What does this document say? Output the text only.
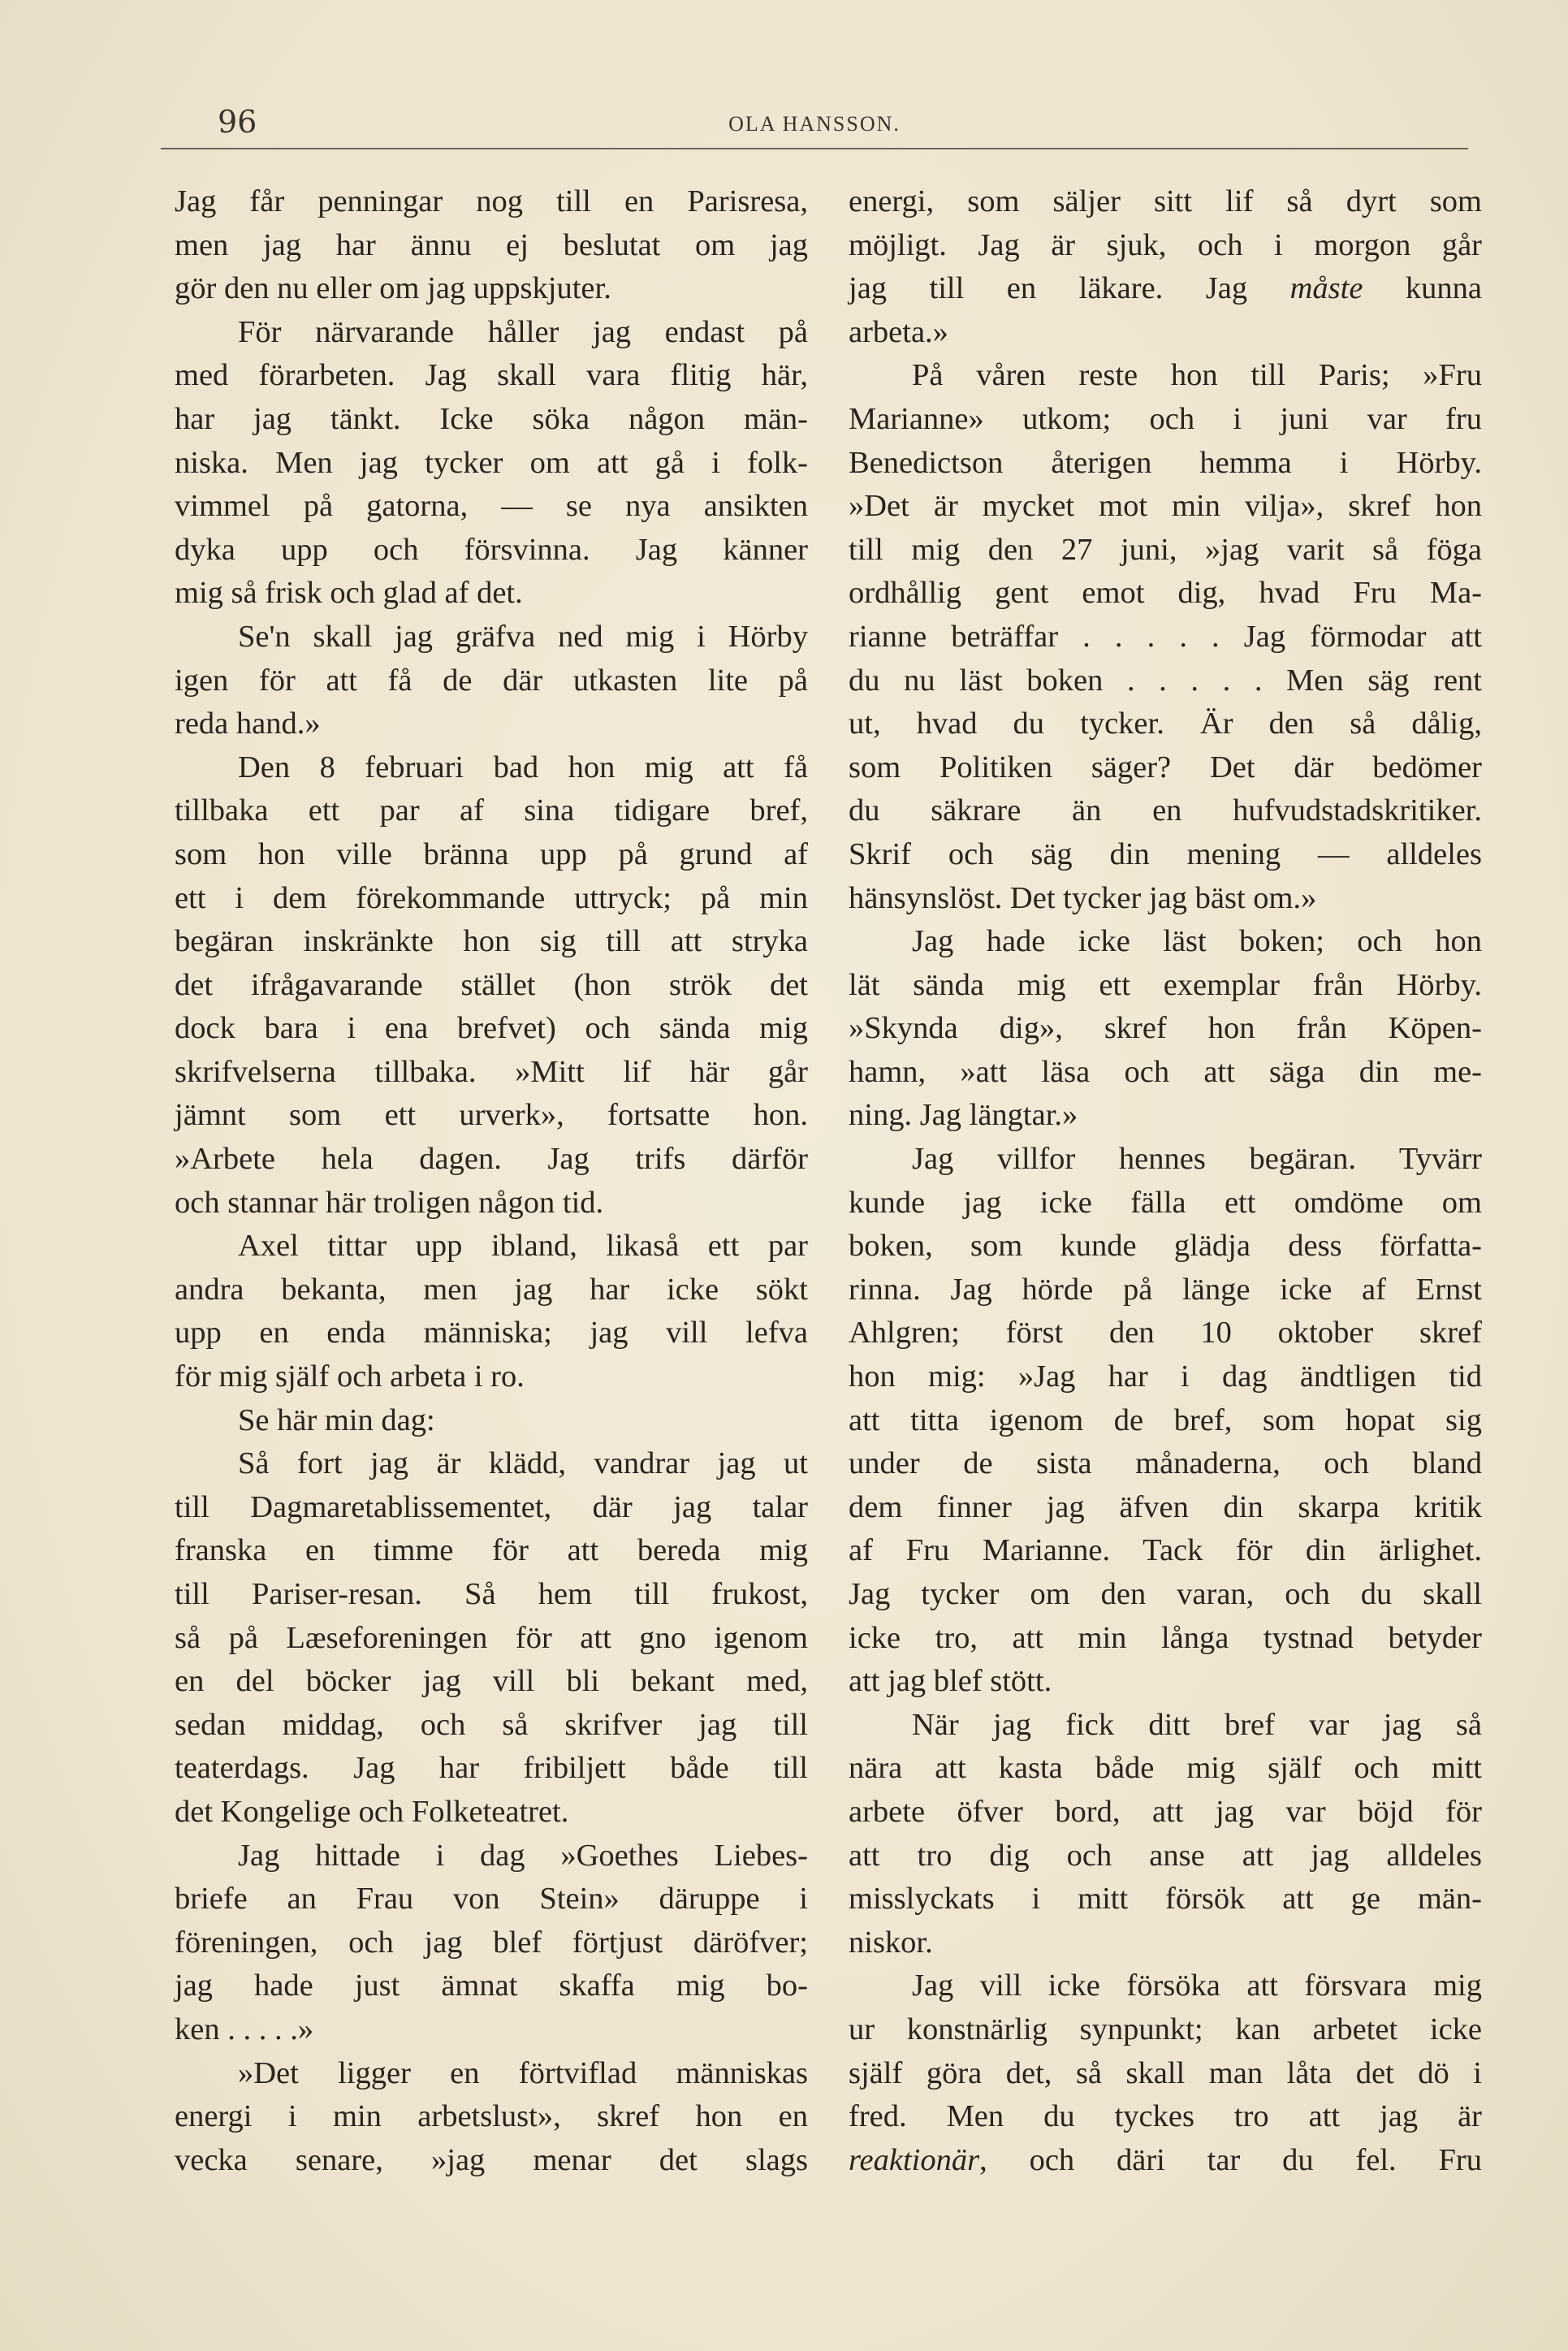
96	OLA HANSSON.
Jag får penningar nog till en Parisresa,
men jag har ännu ej beslutat om jag
gör den nu eller om jag uppskjuter.
För närvarande håller jag endast på
med förarbeten. Jag skall vara flitig här,
har jag tänkt. Icke söka någon män-
niska. Men jag tycker om att gå i folk-
vimmel på gatorna, — se nya ansikten
dyka upp och försvinna. Jag känner
mig så frisk och glad af det.
Se'n skall jag gräfva ned mig i Hörby
igen för att få de där utkasten lite på
reda hand.»
Den 8 februari bad hon mig att få
tillbaka ett par af sina tidigare bref,
som hon ville bränna upp på grund af
ett i dem förekommande uttryck; på min
begäran inskränkte hon sig till att stryka
det ifrågavarande stället (hon strök det
dock bara i ena brefvet) och sända mig
skrifvelserna tillbaka. »Mitt lif här går
jämnt som ett urverk», fortsatte hon.
»Arbete hela dagen. Jag trifs därför
och stannar här troligen någon tid.
Axel tittar upp ibland, likaså ett par
andra bekanta, men jag har icke sökt
upp en enda människa; jag vill lefva
för mig själf och arbeta i ro.
Se här min dag:
Så fort jag är klädd, vandrar jag ut
till Dagmaretablissementet, där jag talar
franska en timme för att bereda mig
till Pariser-resan. Så hem till frukost,
så på Læseforeningen för att gno igenom
en del böcker jag vill bli bekant med,
sedan middag, och så skrifver jag till
teaterdags. Jag har fribiljett både till
det Kongelige och Folketeatret.
Jag hittade i dag »Goethes Liebes-
briefe an Frau von Stein» däruppe i
föreningen, och jag blef förtjust däröfver;
jag hade just ämnat skaffa mig bo-
ken . . . . .»
»Det ligger en förtviflad människas
energi i min arbetslust», skref hon en
vecka senare, »jag menar det slags
energi, som säljer sitt lif så dyrt som
möjligt. Jag är sjuk, och i morgon går
jag till en läkare. Jag måste kunna
arbeta.»
På våren reste hon till Paris; »Fru
Marianne» utkom; och i juni var fru
Benedictson återigen hemma i Hörby.
»Det är mycket mot min vilja», skref hon
till mig den 27 juni, »jag varit så föga
ordhållig gent emot dig, hvad Fru Ma-
rianne beträffar . . . . . Jag förmodar att
du nu läst boken . . . . . Men säg rent
ut, hvad du tycker. Är den så dålig,
som Politiken säger? Det där bedömer
du säkrare än en hufvudstadskritiker.
Skrif och säg din mening — alldeles
hänsynslöst. Det tycker jag bäst om.»
Jag hade icke läst boken; och hon
lät sända mig ett exemplar från Hörby.
»Skynda dig», skref hon från Köpen-
hamn, »att läsa och att säga din me-
ning. Jag längtar.»
Jag villfor hennes begäran. Tyvärr
kunde jag icke fälla ett omdöme om
boken, som kunde glädja dess författa-
rinna. Jag hörde på länge icke af Ernst
Ahlgren; först den 10 oktober skref
hon mig: »Jag har i dag ändtligen tid
att titta igenom de bref, som hopat sig
under de sista månaderna, och bland
dem finner jag äfven din skarpa kritik
af Fru Marianne. Tack för din ärlighet.
Jag tycker om den varan, och du skall
icke tro, att min långa tystnad betyder
att jag blef stött.
När jag fick ditt bref var jag så
nära att kasta både mig själf och mitt
arbete öfver bord, att jag var böjd för
att tro dig och anse att jag alldeles
misslyckats i mitt försök att ge män-
niskor.
Jag vill icke försöka att försvara mig
ur konstnärlig synpunkt; kan arbetet icke
själf göra det, så skall man låta det dö i
fred. Men du tyckes tro att jag är
reaktionär, och däri tar du fel. Fru
